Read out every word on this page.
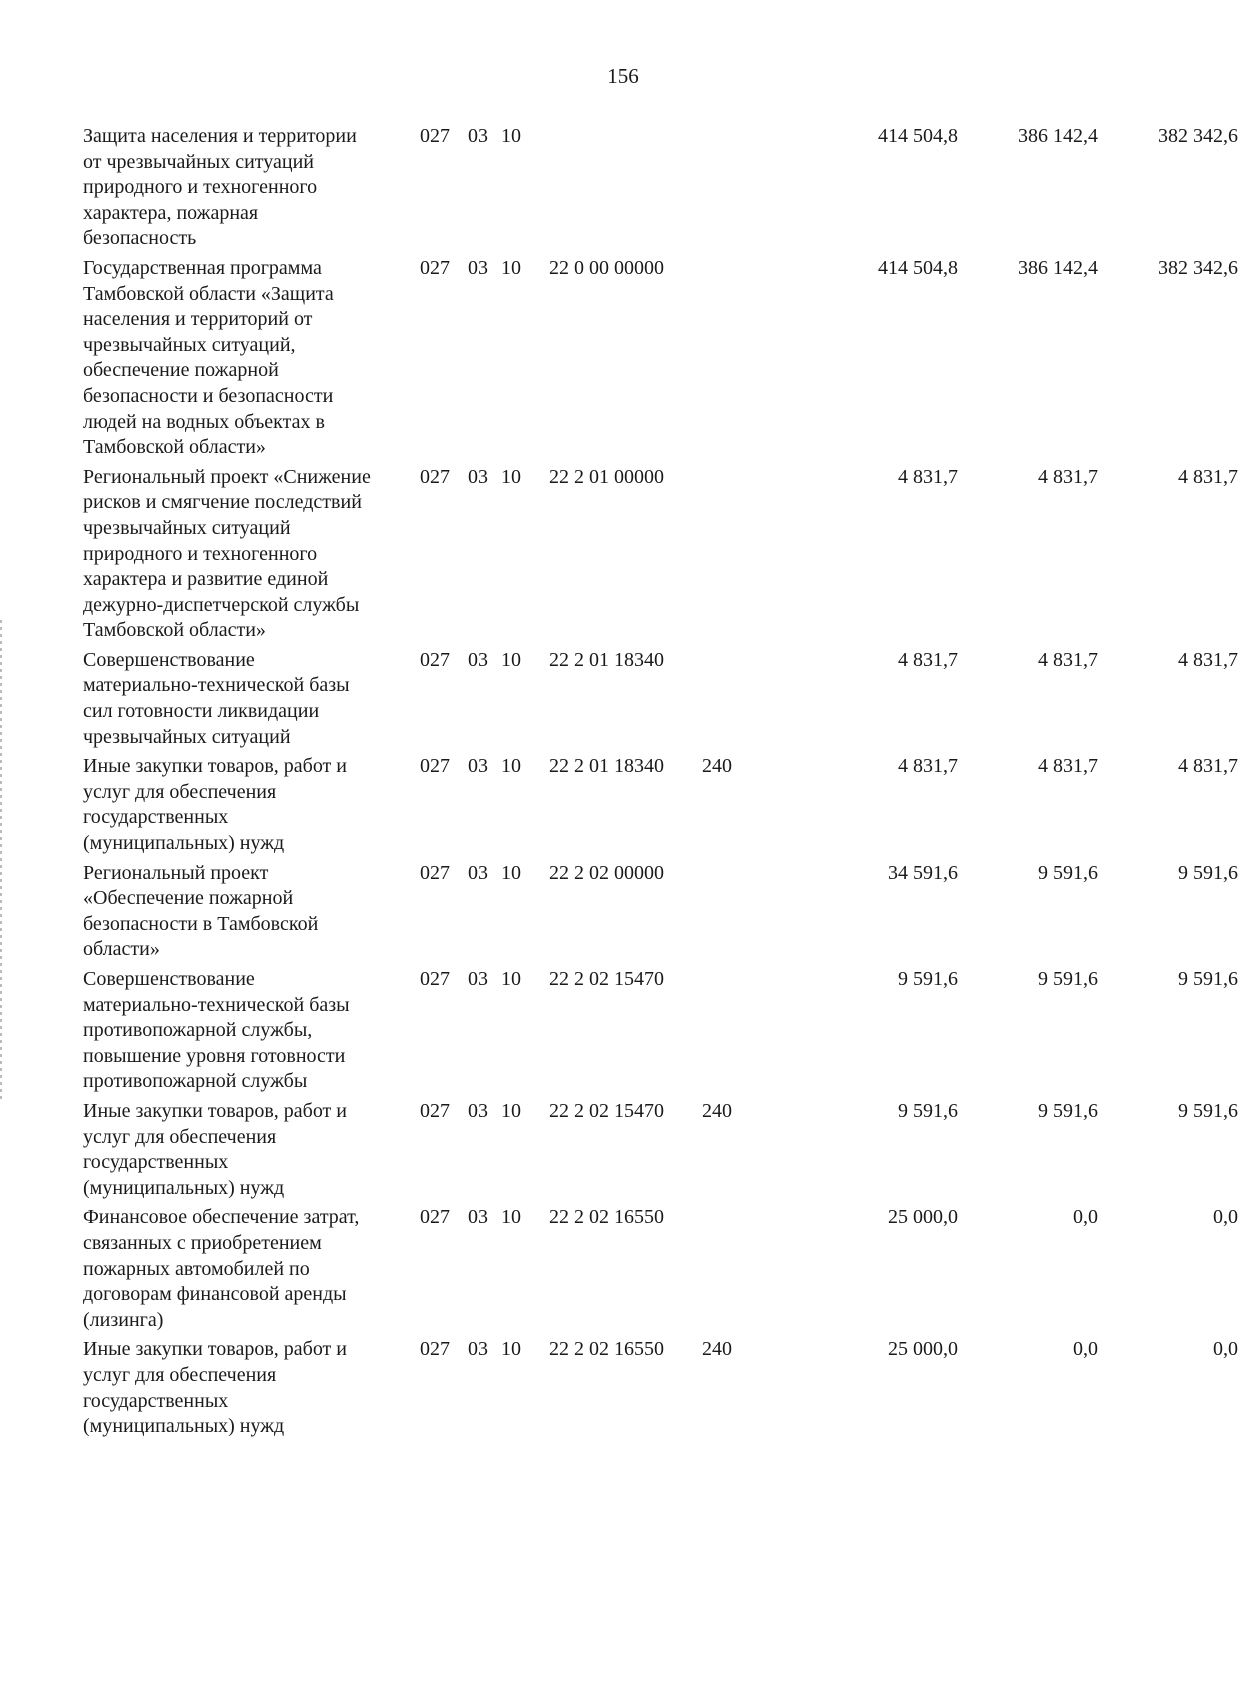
156
Защита населения и территории
от чрезвычайных ситуаций
природного и техногенного
характера, пожарная
безопасность
027 03 10	414 504,8	386 142,4	382 342,6
Государственная программа
Тамбовской области «Защита
населения и территорий от
чрезвычайных ситуаций,
обеспечение пожарной
безопасности и безопасности
людей на водных объектах в
Тамбовской области»
027 03 10 22 0 00 00000	414 504,8	386 142,4	382 342,6
Региональный проект «Снижение
рисков и смягчение последствий
чрезвычайных ситуаций
природного и техногенного
характера и развитие единой
дежурно-диспетчерской службы
Тамбовской области»
027 03 10 22 2 01 00000	4 831,7	4 831,7	4 831,7
Совершенствование
материально-технической базы
сил готовности ликвидации
чрезвычайных ситуаций
027 03 10 22 2 01 18340	4 831,7	4 831,7	4 831,7
Иные закупки товаров, работ и
услуг для обеспечения
государственных
(муниципальных) нужд
027 03 10 22 2 01 18340 240	4 831,7	4 831,7	4 831,7
Региональный проект
«Обеспечение пожарной
безопасности в Тамбовской
области»
027 03 10 22 2 02 00000	34 591,6	9 591,6	9 591,6
Совершенствование
материально-технической базы
противопожарной службы,
повышение уровня готовности
противопожарной службы
027 03 10 22 2 02 15470	9 591,6	9 591,6	9 591,6
Иные закупки товаров, работ и
услуг для обеспечения
государственных
(муниципальных) нужд
027 03 10 22 2 02 15470 240	9 591,6	9 591,6	9 591,6
Финансовое обеспечение затрат,
связанных с приобретением
пожарных автомобилей по
договорам финансовой аренды
(лизинга)
027 03 10 22 2 02 16550	25 000,0	0,0	0,0
Иные закупки товаров, работ и
услуг для обеспечения
государственных
(муниципальных) нужд
027 03 10 22 2 02 16550 240	25 000,0	0,0	0,0
